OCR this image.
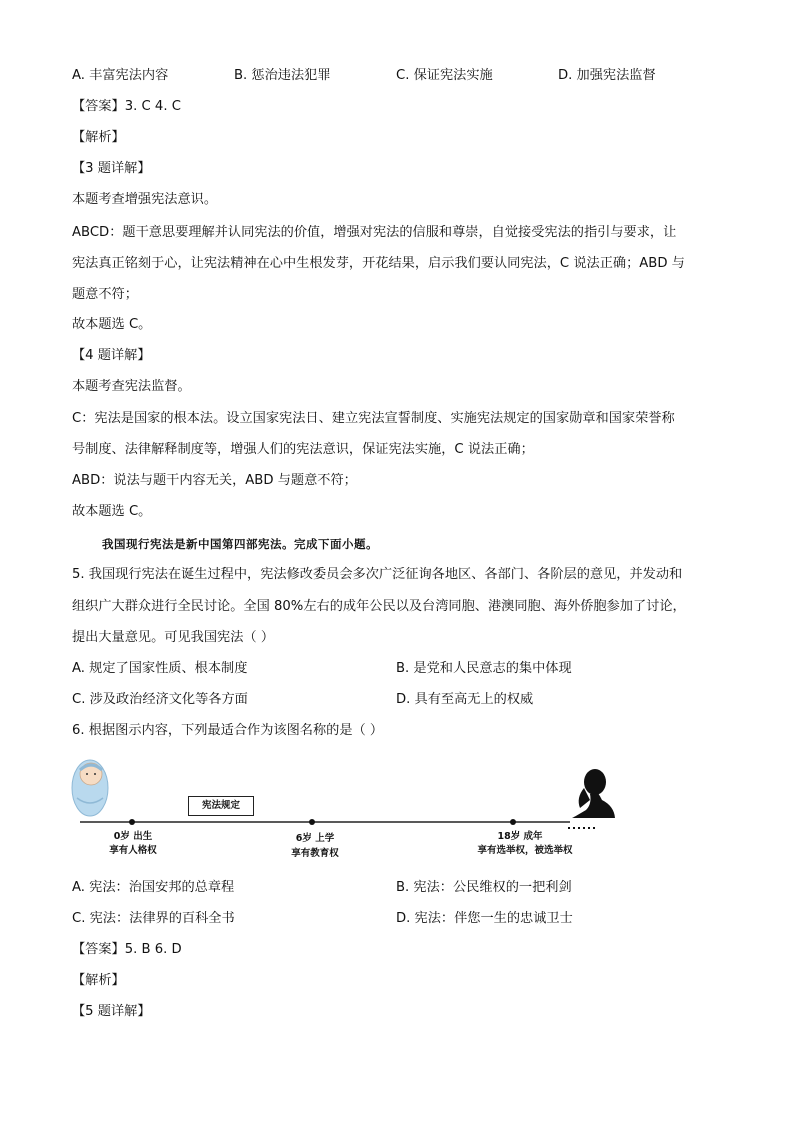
A. 丰富宪法内容	B. 惩治违法犯罪	C. 保证宪法实施	D. 加强宪法监督
【答案】3. C 4. C
【解析】
【3 题详解】
本题考查增强宪法意识。
ABCD：题干意思要理解并认同宪法的价值，增强对宪法的信服和尊崇，自觉接受宪法的指引与要求，让
宪法真正铭刻于心，让宪法精神在心中生根发芽，开花结果，启示我们要认同宪法，C 说法正确；ABD 与
题意不符；
故本题选 C。
【4 题详解】
本题考查宪法监督。
C：宪法是国家的根本法。设立国家宪法日、建立宪法宣誓制度、实施宪法规定的国家勋章和国家荣誉称
号制度、法律解释制度等，增强人们的宪法意识，保证宪法实施，C 说法正确；
ABD：说法与题干内容无关，ABD 与题意不符；
故本题选 C。
我国现行宪法是新中国第四部宪法。完成下面小题。
5. 我国现行宪法在诞生过程中，宪法修改委员会多次广泛征询各地区、各部门、各阶层的意见，并发动和
组织广大群众进行全民讨论。全国 80%左右的成年公民以及台湾同胞、港澳同胞、海外侨胞参加了讨论，
提出大量意见。可见我国宪法（ ）
A. 规定了国家性质、根本制度	B. 是党和人民意志的集中体现
C. 涉及政治经济文化等各方面	D. 具有至高无上的权威
6. 根据图示内容，下列最适合作为该图名称的是（ ）
宪法规定
0岁 出生
享有人格权
6岁 上学
享有教育权
18岁 成年
享有选举权，被选举权
A. 宪法：治国安邦的总章程	B. 宪法：公民维权的一把利剑
C. 宪法：法律界的百科全书	D. 宪法：伴您一生的忠诚卫士
【答案】5. B 6. D
【解析】
【5 题详解】
